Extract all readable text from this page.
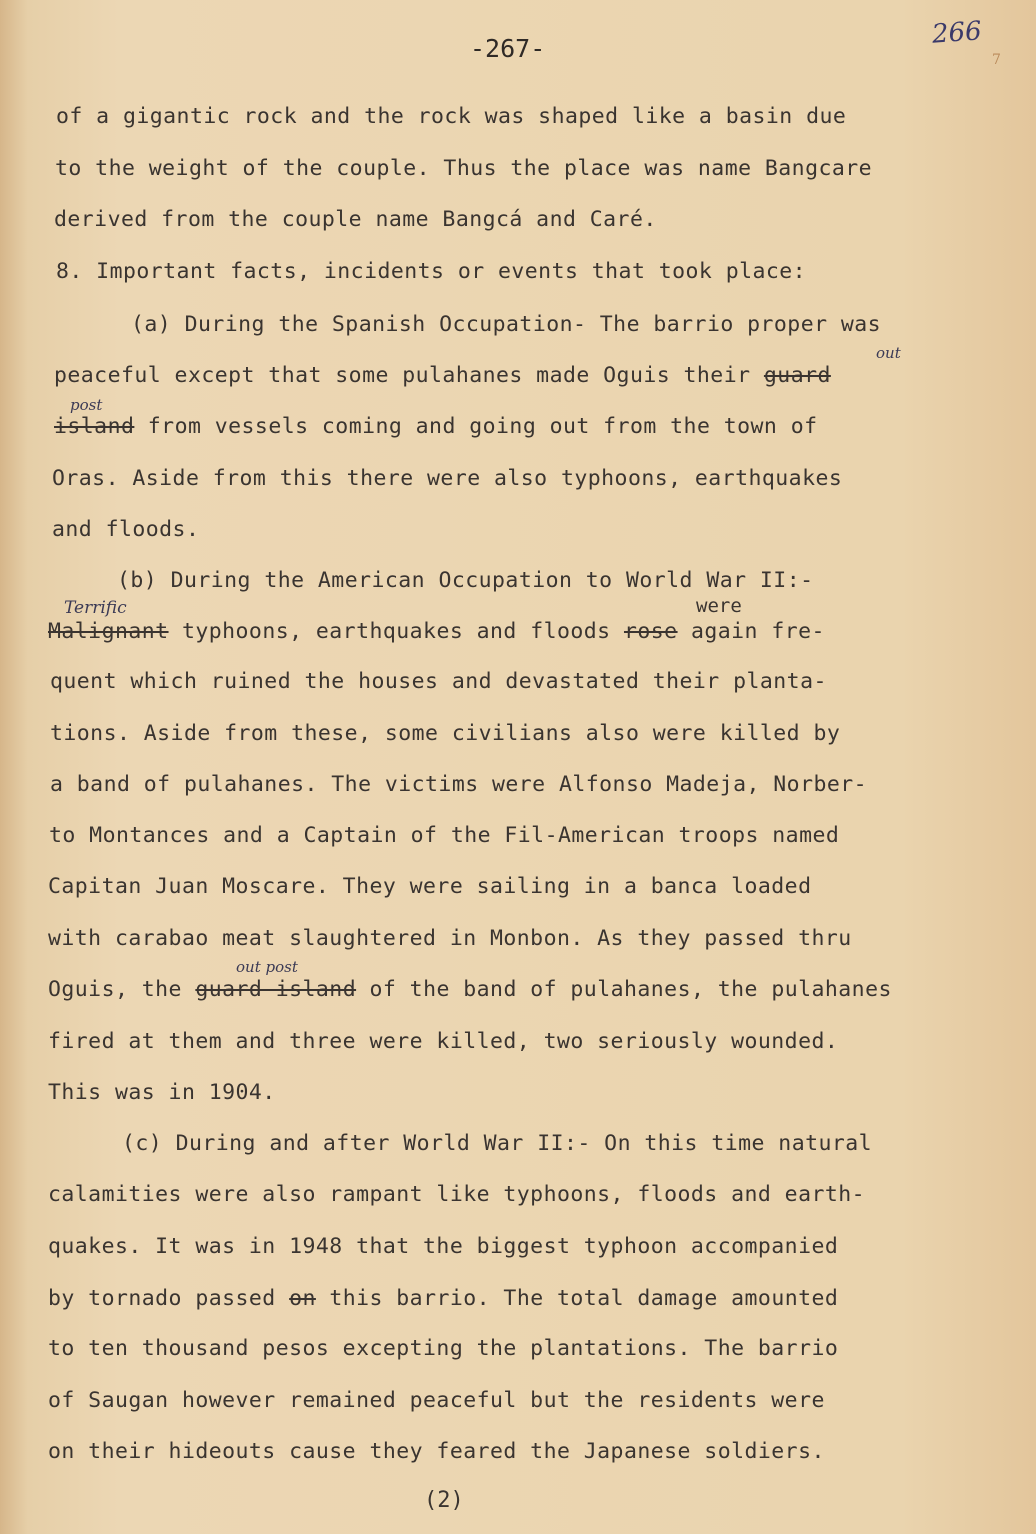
-267-	266
7
of a gigantic rock and the rock was shaped like a basin due
to the weight of the couple. Thus the place was name Bangcare
derived from the couple name Bangcá and Caré.
8. Important facts, incidents or events that took place:
(a) During the Spanish Occupation- The barrio proper was
out
peaceful except that some pulahanes made Oguis their guard
post
island from vessels coming and going out from the town of
Oras. Aside from this there were also typhoons, earthquakes
and floods.
(b) During the American Occupation to World War II:-
Terrific	were
Malignant typhoons, earthquakes and floods rose again fre-
quent which ruined the houses and devastated their planta-
tions. Aside from these, some civilians also were killed by
a band of pulahanes. The victims were Alfonso Madeja, Norber-
to Montances and a Captain of the Fil-American troops named
Capitan Juan Moscare. They were sailing in a banca loaded
with carabao meat slaughtered in Monbon. As they passed thru
out post
Oguis, the guard island of the band of pulahanes, the pulahanes
fired at them and three were killed, two seriously wounded.
This was in 1904.
(c) During and after World War II:- On this time natural
calamities were also rampant like typhoons, floods and earth-
quakes. It was in 1948 that the biggest typhoon accompanied
by tornado passed on this barrio. The total damage amounted
to ten thousand pesos excepting the plantations. The barrio
of Saugan however remained peaceful but the residents were
on their hideouts cause they feared the Japanese soldiers.
(2)
